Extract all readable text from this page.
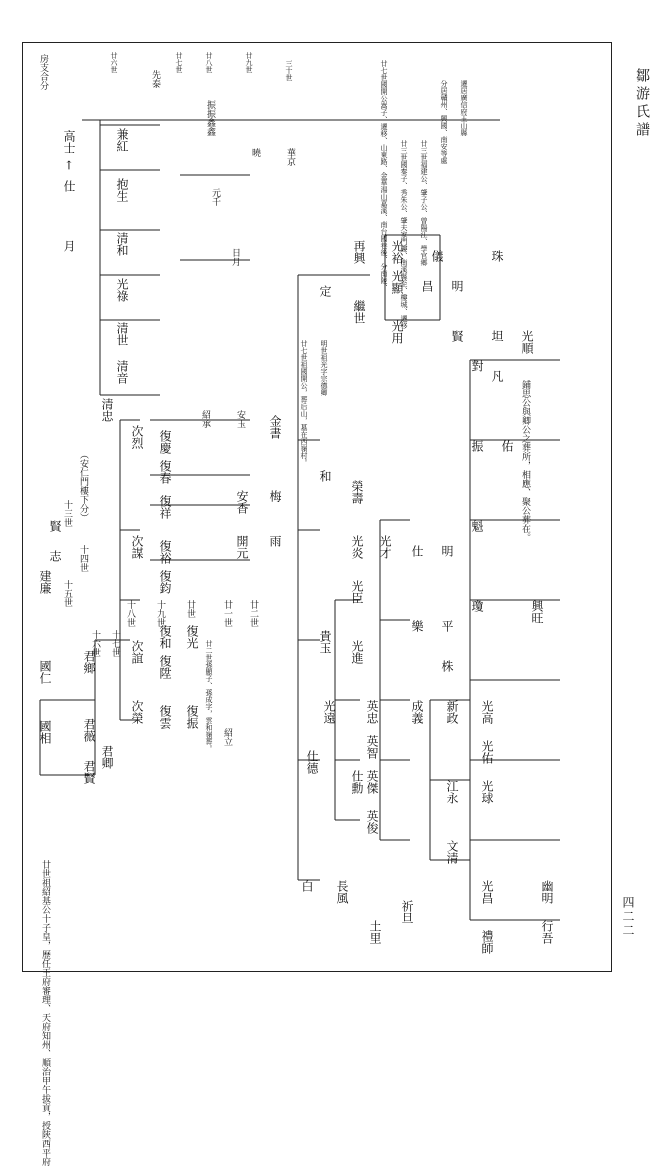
鄒游氏譜
四二二
廿六世	廿七世	廿八世	廿九世	三十世
房支合分
高士
仕
月
←
兼紅
抱生
清和
光祿
清世
清音
清忠
先泰
振振鑫鑫
元千
日月
曉	華京	廿七世國開公嵩子、遷移、山東路、金華湯山嘉溪、南台國巷後、分南陵、 廿三世國秦子、秀朱公、肇夫家門樓、南溪縣至、樓城、遷移 廿三世福建公、肇子公、曾陽江、學官鄉
（安仁門樓下分）
賢
志
建廉 十五世
十三世
十四世
國仁	君鄉
國相	君薇
君賢
君卿
十六世 十七世
次烈
次謀
次誼
次榮
十八世 十九世
復慶
復春
復祥
復裕
復鈞
復和
復陞
復雲 復振
復光
廿世	廿一世 廿二世
紹立
紹承	安玉 金書
安香
開元
梅
雨
廿二世孫顯子、孫成字，雲和嶺葬。
白 長風
土里
祈旦
仕德
仕勳
英俊
英傑
英智
英忠
光遠
光進
光炎
光臣
貴玉
和
榮壽
光才 仕 明
樂 平
株
成義 新政 光高
光佑
光球
江永
文清
光昌
禮師
幽明
行吾
瓊
魁
振
對
佑
興旺
鋪思公與卿公之葬所，相應、聚公葬在。
定
再興
繼世
光裕
光顯
光用
昌
儀
明
賢
珠
坦
凡
光順
廿七世祖國開公，葬后山，墓在西嶺村。 明世祖光字宗德卿
分居贛州、興國、南安等處 遷居廣信府玉山縣
廿世祖紹基公十子皇，歷任王府審理、天府知州、順治甲午拔貢，授陝西平府
